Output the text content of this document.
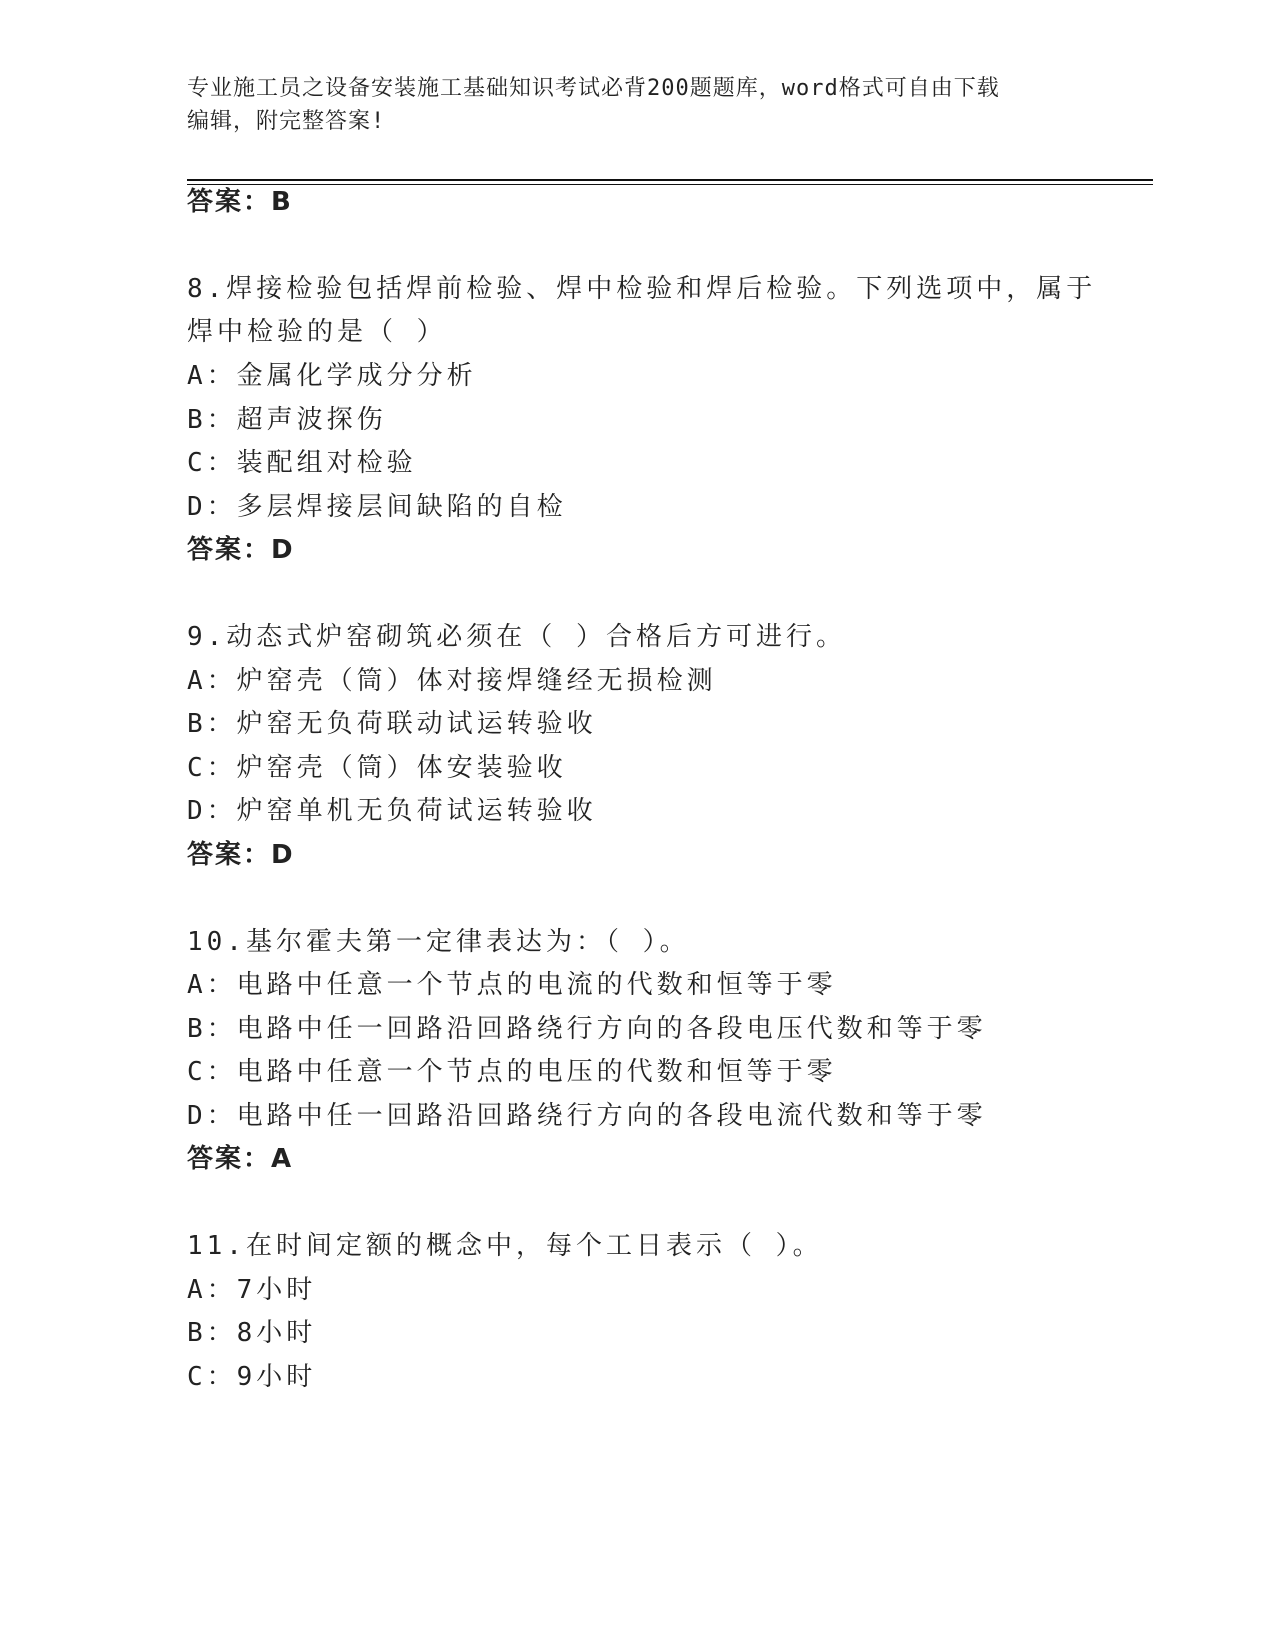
专业施工员之设备安装施工基础知识考试必背200题题库，word格式可自由下载
编辑，附完整答案!
答案：B
8.焊接检验包括焊前检验、焊中检验和焊后检验。下列选项中，属于
焊中检验的是（ ）
A：金属化学成分分析
B：超声波探伤
C：装配组对检验
D：多层焊接层间缺陷的自检
答案：D
9.动态式炉窑砌筑必须在（ ）合格后方可进行。
A：炉窑壳（筒）体对接焊缝经无损检测
B：炉窑无负荷联动试运转验收
C：炉窑壳（筒）体安装验收
D：炉窑单机无负荷试运转验收
答案：D
10.基尔霍夫第一定律表达为：（ ）。
A：电路中任意一个节点的电流的代数和恒等于零
B：电路中任一回路沿回路绕行方向的各段电压代数和等于零
C：电路中任意一个节点的电压的代数和恒等于零
D：电路中任一回路沿回路绕行方向的各段电流代数和等于零
答案：A
11.在时间定额的概念中，每个工日表示（ ）。
A：7小时
B：8小时
C：9小时
